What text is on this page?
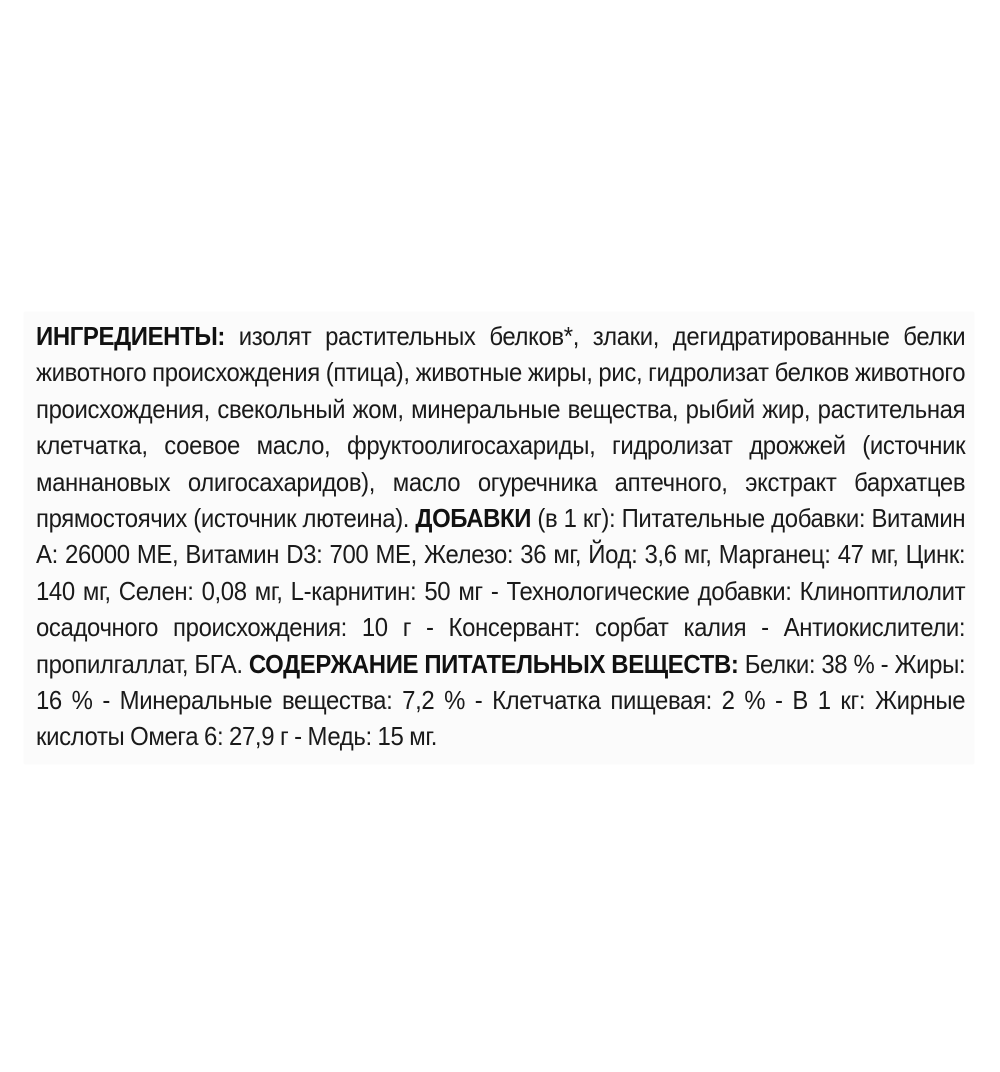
ИНГРЕДИЕНТЫ: изолят растительных белков*, злаки, дегидратированные белки животного происхождения (птица), животные жиры, рис, гидролизат белков животного происхождения, свекольный жом, минеральные вещества, рыбий жир, растительная клетчатка, соевое масло, фруктоолигосахариды, гидролизат дрожжей (источник маннановых олигосахаридов), масло огуречника аптечного, экстракт бархатцев прямостоячих (источник лютеина). ДОБАВКИ (в 1 кг): Питательные добавки: Витамин А: 26000 МЕ, Витамин D3: 700 МЕ, Железо: 36 мг, Йод: 3,6 мг, Марганец: 47 мг, Цинк: 140 мг, Селен: 0,08 мг, L-карнитин: 50 мг - Технологические добавки: Клиноптилолит осадочного происхождения: 10 г - Консервант: сорбат калия - Антиокислители: пропилгаллат, БГА. СОДЕРЖАНИЕ ПИТАТЕЛЬНЫХ ВЕЩЕСТВ: Белки: 38 % - Жиры: 16 % - Минеральные вещества: 7,2 % - Клетчатка пищевая: 2 % - В 1 кг: Жирные кислоты Омега 6: 27,9 г - Медь: 15 мг.
